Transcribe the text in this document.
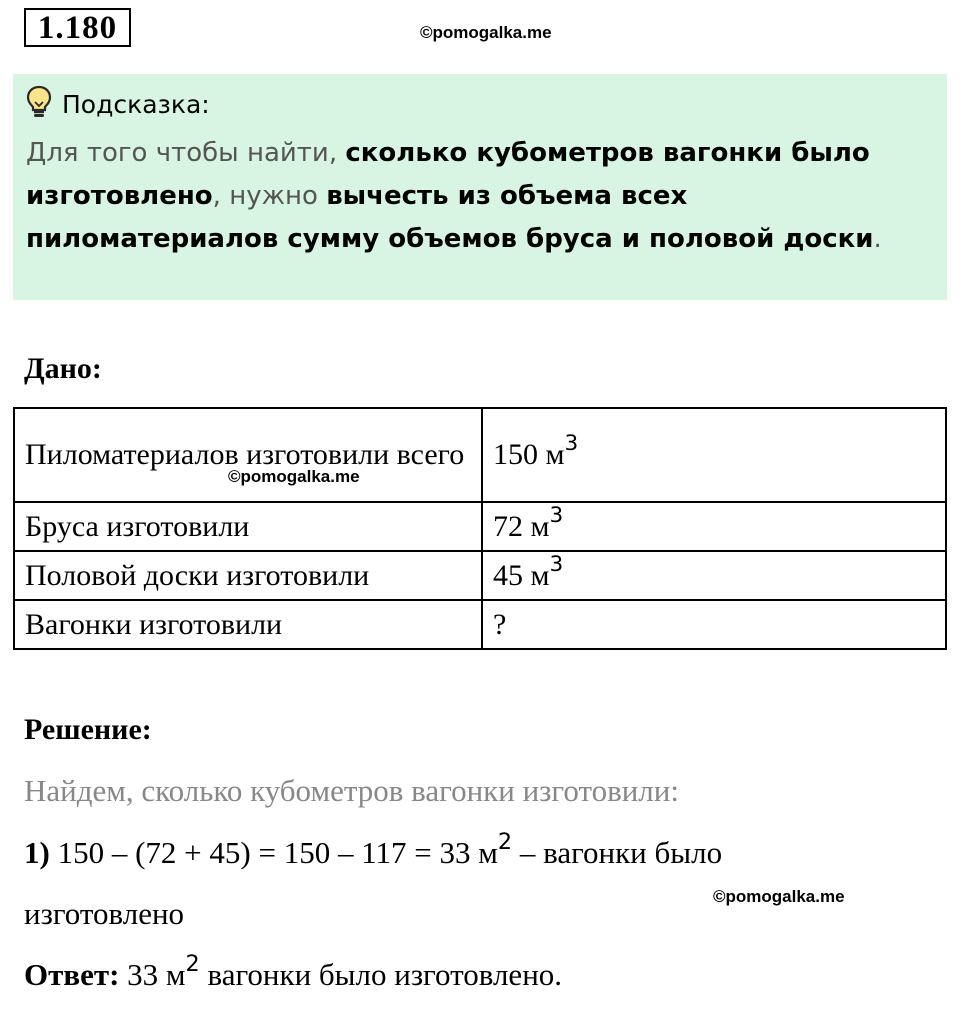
1.180	©pomogalka.me
Подсказка:
Для того чтобы найти, сколько кубометров вагонки было изготовлено, нужно вычесть из объема всех пиломатериалов сумму объемов бруса и половой доски.
Дано:
Пиломатериалов изготовили всего	150 $м^3$
Бруса изготовили	72 $м^3$
Половой доски изготовили	45 $м^3$
Вагонки изготовили	?
©pomogalka.me
Решение:
Найдем, сколько кубометров вагонки изготовили:
1) 150 – (72 + 45) = 150 – 117 = 33 $м^2$ – вагонки было
изготовлено	©pomogalka.me
Ответ: 33 $м^2$ вагонки было изготовлено.
